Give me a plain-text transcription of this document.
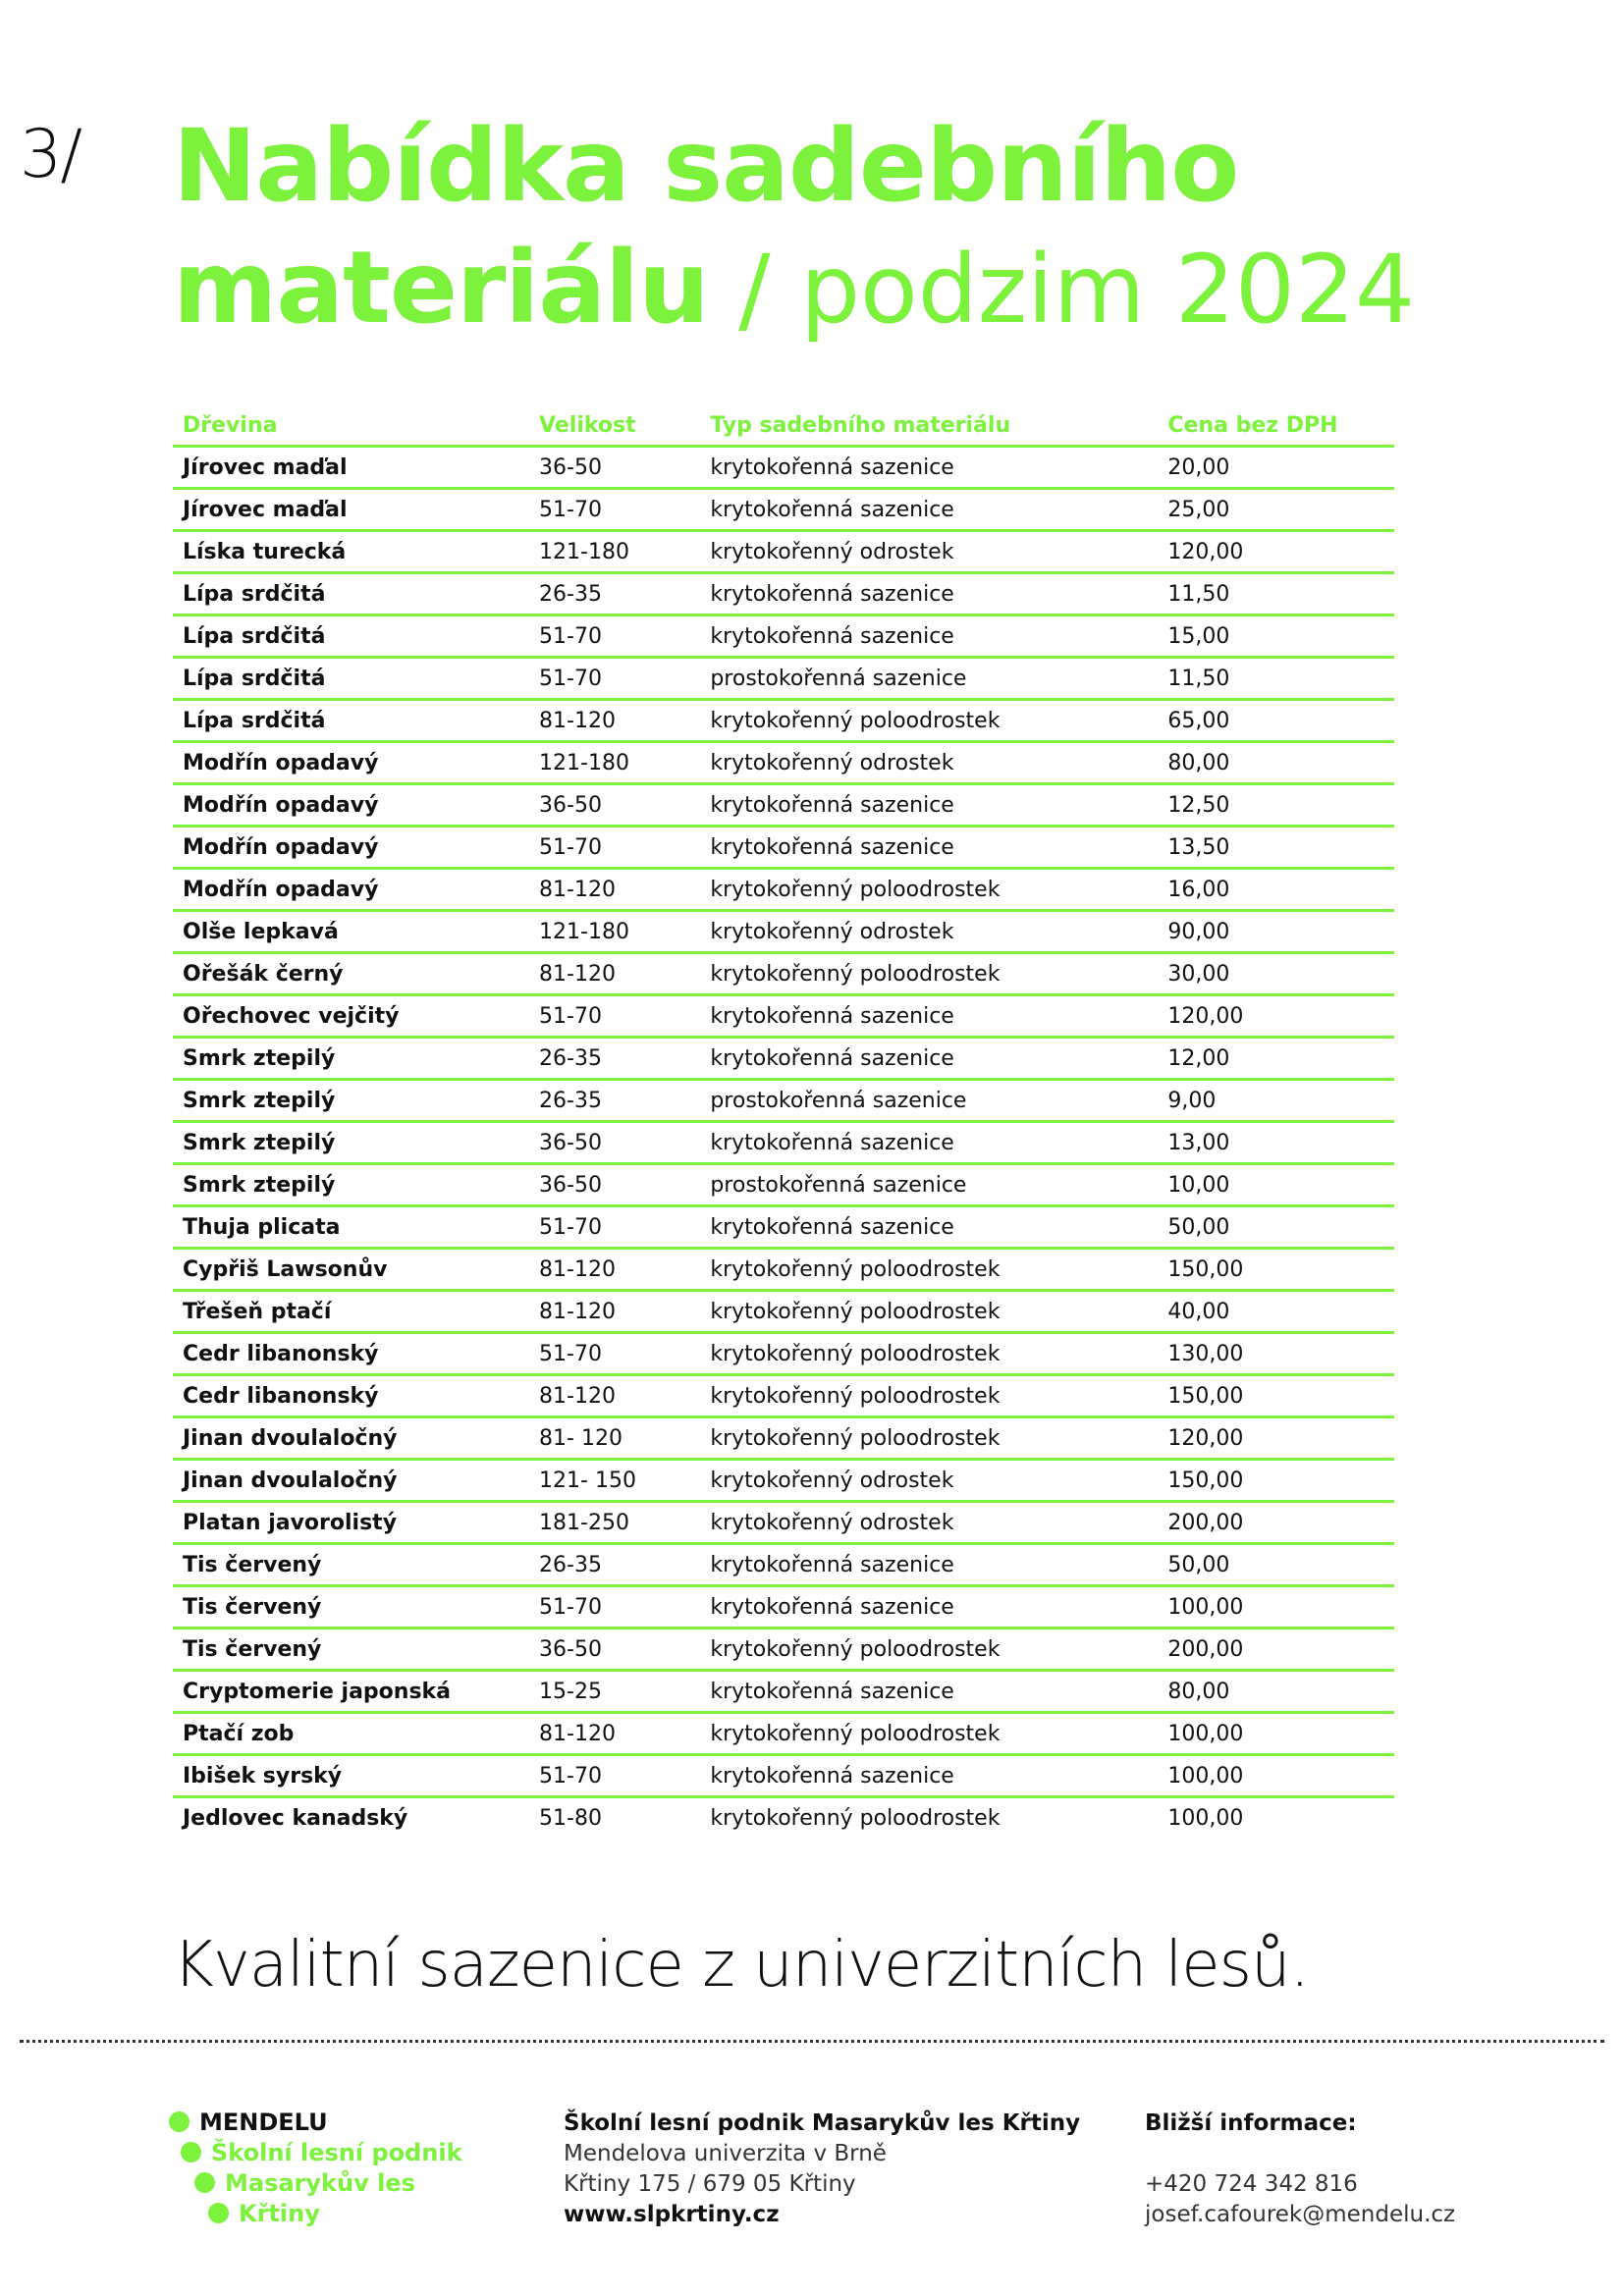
3/ Nabídka sadebního
materiálu / podzim 2024
Dřevina	Velikost	Typ sadebního materiálu	Cena bez DPH
Jírovec maďal	36-50	krytokořenná sazenice	20,00
Jírovec maďal	51-70	krytokořenná sazenice	25,00
Líska turecká	121-180	krytokořenný odrostek	120,00
Lípa srdčitá	26-35	krytokořenná sazenice	11,50
Lípa srdčitá	51-70	krytokořenná sazenice	15,00
Lípa srdčitá	51-70	prostokořenná sazenice	11,50
Lípa srdčitá	81-120	krytokořenný poloodrostek	65,00
Modřín opadavý	121-180	krytokořenný odrostek	80,00
Modřín opadavý	36-50	krytokořenná sazenice	12,50
Modřín opadavý	51-70	krytokořenná sazenice	13,50
Modřín opadavý	81-120	krytokořenný poloodrostek	16,00
Olše lepkavá	121-180	krytokořenný odrostek	90,00
Ořešák černý	81-120	krytokořenný poloodrostek	30,00
Ořechovec vejčitý	51-70	krytokořenná sazenice	120,00
Smrk ztepilý	26-35	krytokořenná sazenice	12,00
Smrk ztepilý	26-35	prostokořenná sazenice	9,00
Smrk ztepilý	36-50	krytokořenná sazenice	13,00
Smrk ztepilý	36-50	prostokořenná sazenice	10,00
Thuja plicata	51-70	krytokořenná sazenice	50,00
Cypřiš Lawsonův	81-120	krytokořenný poloodrostek	150,00
Třešeň ptačí	81-120	krytokořenný poloodrostek	40,00
Cedr libanonský	51-70	krytokořenný poloodrostek	130,00
Cedr libanonský	81-120	krytokořenný poloodrostek	150,00
Jinan dvoulaločný	81- 120	krytokořenný poloodrostek	120,00
Jinan dvoulaločný	121- 150	krytokořenný odrostek	150,00
Platan javorolistý	181-250	krytokořenný odrostek	200,00
Tis červený	26-35	krytokořenná sazenice	50,00
Tis červený	51-70	krytokořenná sazenice	100,00
Tis červený	36-50	krytokořenný poloodrostek	200,00
Cryptomerie japonská	15-25	krytokořenná sazenice	80,00
Ptačí zob	81-120	krytokořenný poloodrostek	100,00
Ibišek syrský	51-70	krytokořenná sazenice	100,00
Jedlovec kanadský	51-80	krytokořenný poloodrostek	100,00
Kvalitní sazenice z univerzitních lesů.
MENDELU
Školní lesní podnik
Masarykův les
Křtiny
Školní lesní podnik Masarykův les Křtiny
Mendelova univerzita v Brně
Křtiny 175 / 679 05 Křtiny
www.slpkrtiny.cz
Bližší informace:

+420 724 342 816
josef.cafourek@mendelu.cz
